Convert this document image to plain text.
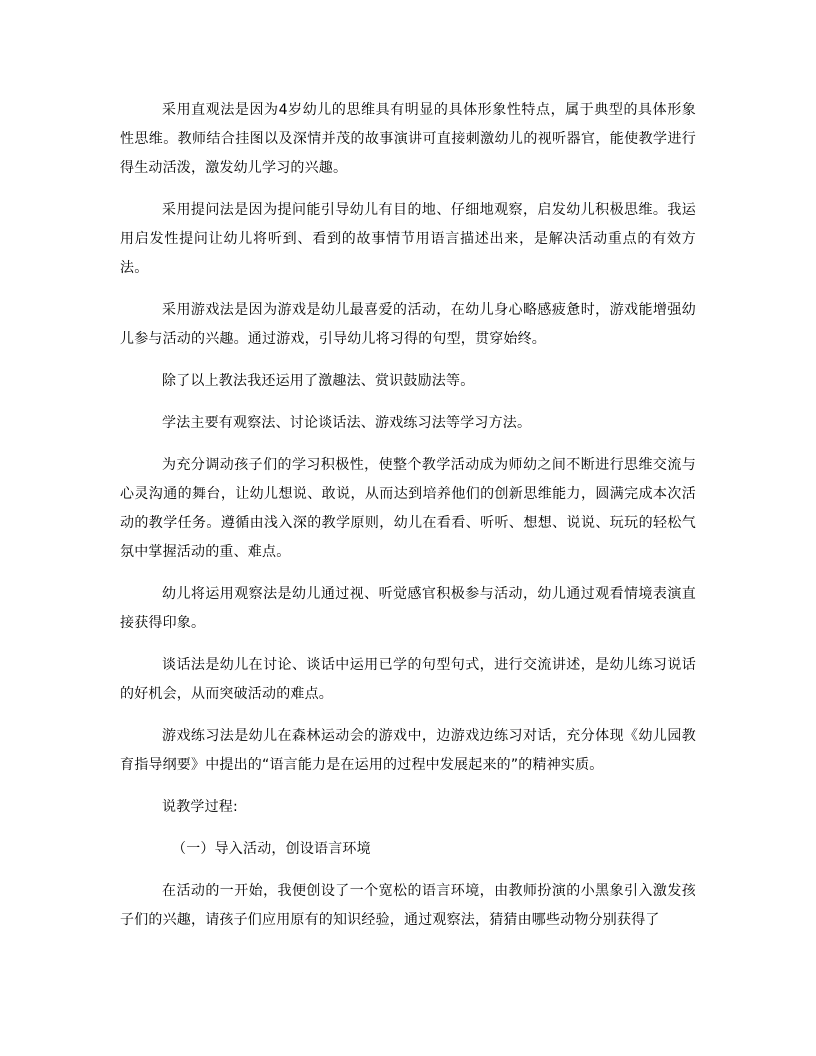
采用直观法是因为4岁幼儿的思维具有明显的具体形象性特点，属于典型的具体形象性思维。教师结合挂图以及深情并茂的故事演讲可直接刺激幼儿的视听器官，能使教学进行得生动活泼，激发幼儿学习的兴趣。

采用提问法是因为提问能引导幼儿有目的地、仔细地观察，启发幼儿积极思维。我运用启发性提问让幼儿将听到、看到的故事情节用语言描述出来，是解决活动重点的有效方法。

采用游戏法是因为游戏是幼儿最喜爱的活动，在幼儿身心略感疲惫时，游戏能增强幼儿参与活动的兴趣。通过游戏，引导幼儿将习得的句型，贯穿始终。

除了以上教法我还运用了激趣法、赏识鼓励法等。

学法主要有观察法、讨论谈话法、游戏练习法等学习方法。

为充分调动孩子们的学习积极性，使整个教学活动成为师幼之间不断进行思维交流与心灵沟通的舞台，让幼儿想说、敢说，从而达到培养他们的创新思维能力，圆满完成本次活动的教学任务。遵循由浅入深的教学原则，幼儿在看看、听听、想想、说说、玩玩的轻松气氛中掌握活动的重、难点。

幼儿将运用观察法是幼儿通过视、听觉感官积极参与活动，幼儿通过观看情境表演直接获得印象。

谈话法是幼儿在讨论、谈话中运用已学的句型句式，进行交流讲述，是幼儿练习说话的好机会，从而突破活动的难点。

游戏练习法是幼儿在森林运动会的游戏中，边游戏边练习对话，充分体现《幼儿园教育指导纲要》中提出的“语言能力是在运用的过程中发展起来的”的精神实质。

说教学过程:

（一）导入活动，创设语言环境

在活动的一开始，我便创设了一个宽松的语言环境，由教师扮演的小黑象引入激发孩子们的兴趣，请孩子们应用原有的知识经验，通过观察法，猜猜由哪些动物分别获得了
